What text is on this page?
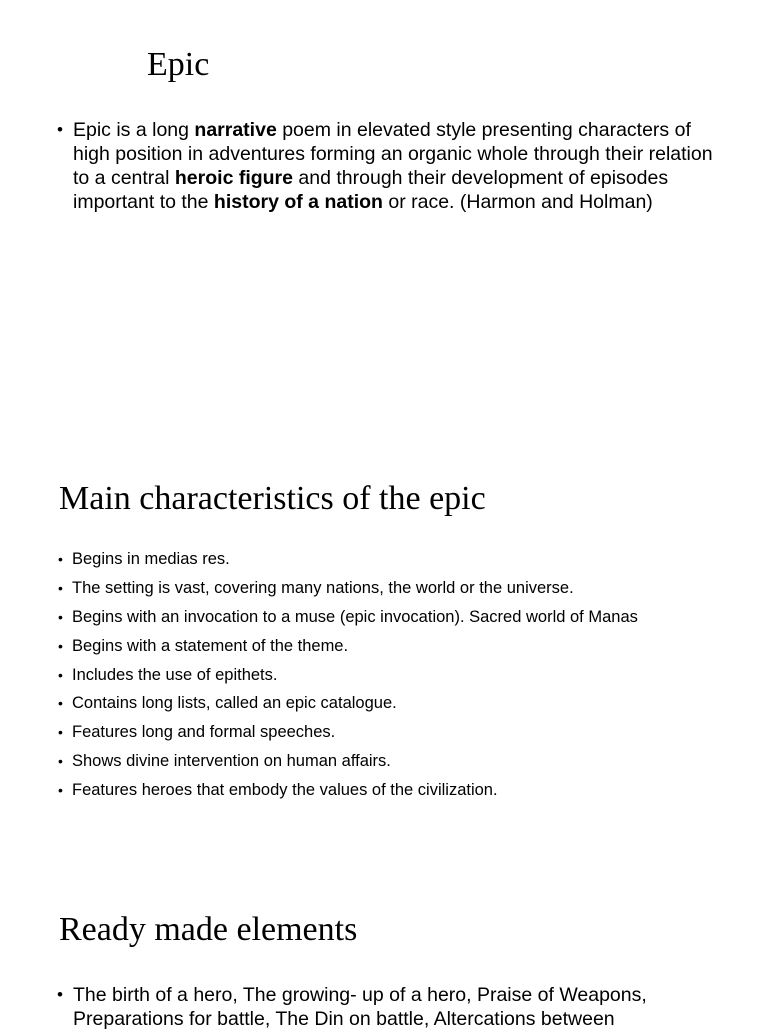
Epic
• Epic is a long narrative poem in elevated style presenting characters of high position in adventures forming an organic whole through their relation to a central heroic figure and through their development of episodes important to the history of a nation or race. (Harmon and Holman)
Main characteristics of the epic
• Begins in medias res.
• The setting is vast, covering many nations, the world or the universe.
• Begins with an invocation to a muse (epic invocation). Sacred world of Manas
• Begins with a statement of the theme.
• Includes the use of epithets.
• Contains long lists, called an epic catalogue.
• Features long and formal speeches.
• Shows divine intervention on human affairs.
• Features heroes that embody the values of the civilization.
Ready made elements
• The birth of a hero, The growing- up of a hero, Praise of Weapons, Preparations for battle, The Din on battle, Altercations between
